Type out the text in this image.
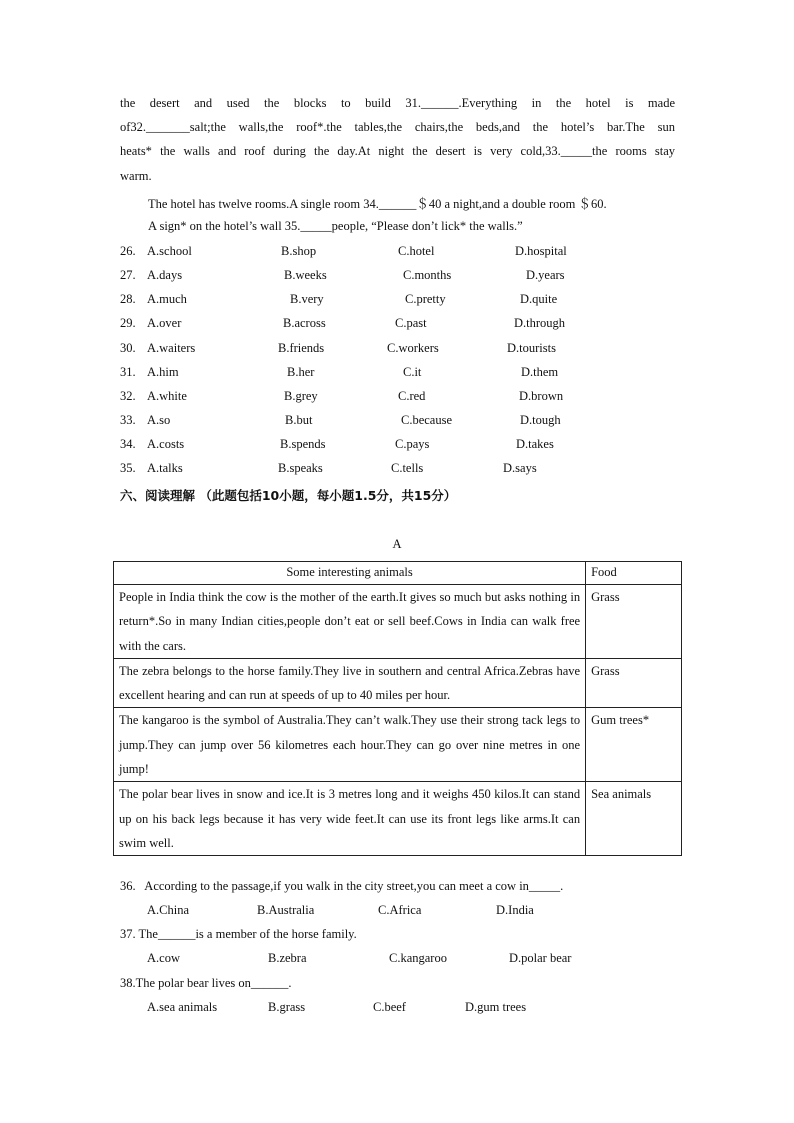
the desert and used the blocks to build 31.______.Everything in the hotel is made
of32._______salt;the walls,the roof*.the tables,the chairs,the beds,and the hotel’s bar.The sun
heats* the walls and roof during the day.At night the desert is very cold,33._____the rooms stay
warm.
The hotel has twelve rooms.A single room 34.______＄40 a night,and a double room ＄60.
A sign* on the hotel’s wall 35._____people, “Please don’t lick* the walls.”
26. A.school	B.shop	C.hotel	D.hospital
27. A.days	B.weeks	C.months	D.years
28. A.much	B.very	C.pretty	D.quite
29. A.over	B.across	C.past	D.through
30. A.waiters	B.friends	C.workers	D.tourists
31. A.him	B.her	C.it	D.them
32. A.white	B.grey	C.red	D.brown
33. A.so	B.but	C.because	D.tough
34. A.costs	B.spends	C.pays	D.takes
35. A.talks	B.speaks	C.tells	D.says
六、阅读理解 （此题包括10小题，每小题1.5分，共15分）
A
Some interesting animals	Food
People in India think the cow is the mother of the earth.It gives so much but asks nothing in return*.So in many Indian cities,people don’t eat or sell beef.Cows in India can walk free with the cars.	Grass
The zebra belongs to the horse family.They live in southern and central Africa.Zebras have excellent hearing and can run at speeds of up to 40 miles per hour.	Grass
The kangaroo is the symbol of Australia.They can’t walk.They use their strong tack legs to jump.They can jump over 56 kilometres each hour.They can go over nine metres in one jump!	Gum trees*
The polar bear lives in snow and ice.It is 3 metres long and it weighs 450 kilos.It can stand up on his back legs because it has very wide feet.It can use its front legs like arms.It can swim well.	Sea animals
36.   According to the passage,if you walk in the city street,you can meet a cow in_____.
A.China	B.Australia	C.Africa	D.India
37. The______is a member of the horse family.
A.cow	B.zebra	C.kangaroo	D.polar bear
38.The polar bear lives on______.
A.sea animals	B.grass	C.beef	D.gum trees
